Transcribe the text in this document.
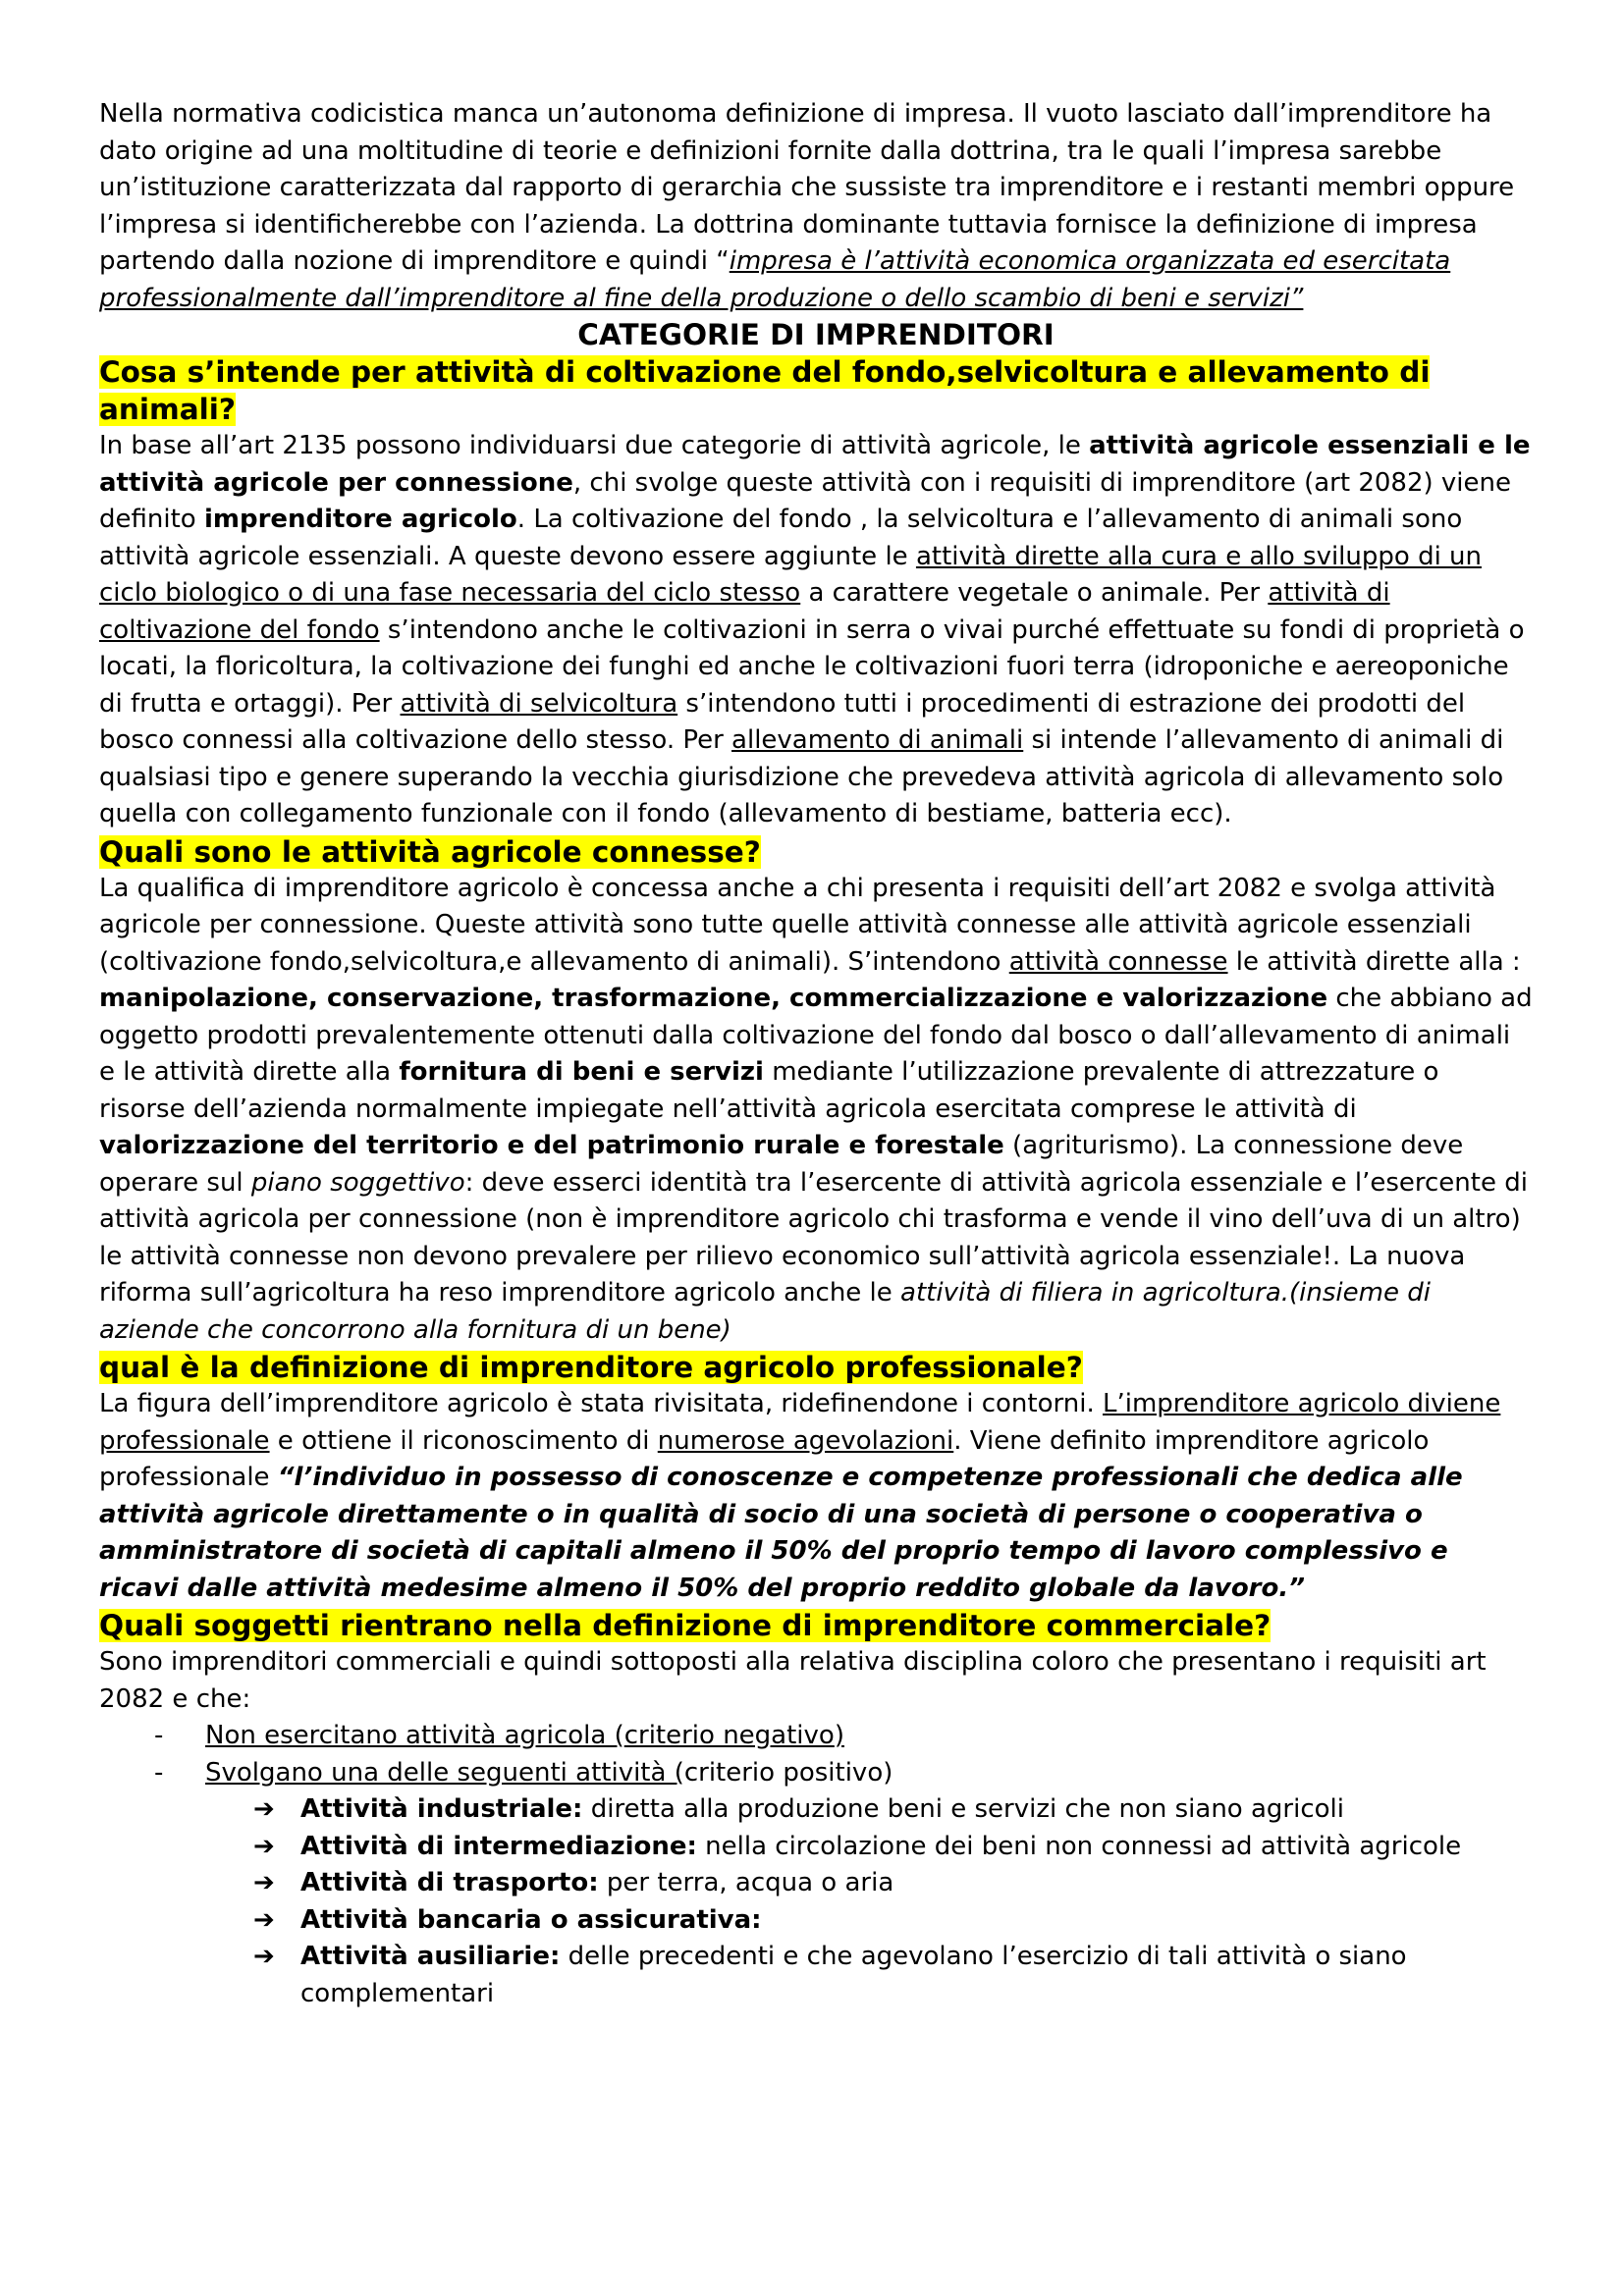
Nella normativa codicistica manca un’autonoma definizione di impresa. Il vuoto lasciato dall’imprenditore ha dato origine ad una moltitudine di teorie e definizioni fornite dalla dottrina, tra le quali l’impresa sarebbe un’istituzione caratterizzata dal rapporto di gerarchia che sussiste tra imprenditore e i restanti membri oppure l’impresa si identificherebbe con l’azienda. La dottrina dominante tuttavia fornisce la definizione di impresa partendo dalla nozione di imprenditore e quindi “impresa è l’attività economica organizzata ed esercitata professionalmente dall’imprenditore al fine della produzione o dello scambio di beni e servizi”

CATEGORIE DI IMPRENDITORI

Cosa s’intende per attività di coltivazione del fondo,selvicoltura e allevamento di animali?

In base all’art 2135 possono individuarsi due categorie di attività agricole, le attività agricole essenziali e le attività agricole per connessione, chi svolge queste attività con i requisiti di imprenditore (art 2082) viene definito imprenditore agricolo. La coltivazione del fondo , la selvicoltura e l’allevamento di animali sono attività agricole essenziali. A queste devono essere aggiunte le attività dirette alla cura e allo sviluppo di un ciclo biologico o di una fase necessaria del ciclo stesso a carattere vegetale o animale. Per attività di coltivazione del fondo s’intendono anche le coltivazioni in serra o vivai purché effettuate su fondi di proprietà o locati, la floricoltura, la coltivazione dei funghi ed anche le coltivazioni fuori terra (idroponiche e aereoponiche di frutta e ortaggi). Per attività di selvicoltura s’intendono tutti i procedimenti di estrazione dei prodotti del bosco connessi alla coltivazione dello stesso. Per allevamento di animali si intende l’allevamento di animali di qualsiasi tipo e genere superando la vecchia giurisdizione che prevedeva attività agricola di allevamento solo quella con collegamento funzionale con il fondo (allevamento di bestiame, batteria ecc).

Quali sono le attività agricole connesse?

La qualifica di imprenditore agricolo è concessa anche a chi presenta i requisiti dell’art 2082 e svolga attività agricole per connessione. Queste attività sono tutte quelle attività connesse alle attività agricole essenziali (coltivazione fondo,selvicoltura,e allevamento di animali). S’intendono attività connesse le attività dirette alla : manipolazione, conservazione, trasformazione, commercializzazione e valorizzazione che abbiano ad oggetto prodotti prevalentemente ottenuti dalla coltivazione del fondo dal bosco o dall’allevamento di animali e le attività dirette alla fornitura di beni e servizi mediante l’utilizzazione prevalente di attrezzature o risorse dell’azienda normalmente impiegate nell’attività agricola esercitata comprese le attività di valorizzazione del territorio e del patrimonio rurale e forestale (agriturismo). La connessione deve operare sul piano soggettivo: deve esserci identità tra l’esercente di attività agricola essenziale e l’esercente di attività agricola per connessione (non è imprenditore agricolo chi trasforma e vende il vino dell’uva di un altro) le attività connesse non devono prevalere per rilievo economico sull’attività agricola essenziale!. La nuova riforma sull’agricoltura ha reso imprenditore agricolo anche le attività di filiera in agricoltura.(insieme di aziende che concorrono alla fornitura di un bene)

qual è la definizione di imprenditore agricolo professionale?

La figura dell’imprenditore agricolo è stata rivisitata, ridefinendone i contorni. L’imprenditore agricolo diviene professionale e ottiene il riconoscimento di numerose agevolazioni. Viene definito imprenditore agricolo professionale “l’individuo in possesso di conoscenze e competenze professionali che dedica alle attività agricole direttamente o in qualità di socio di una società di persone o cooperativa o amministratore di società di capitali almeno il 50% del proprio tempo di lavoro complessivo e ricavi dalle attività medesime almeno il 50% del proprio reddito globale da lavoro.”

Quali soggetti rientrano nella definizione di imprenditore commerciale?

Sono imprenditori commerciali e quindi sottoposti alla relativa disciplina coloro che presentano i requisiti art 2082 e che:

- Non esercitano attività agricola (criterio negativo)
- Svolgano una delle seguenti attività (criterio positivo)
➔ Attività industriale: diretta alla produzione beni e servizi che non siano agricoli
➔ Attività di intermediazione: nella circolazione dei beni non connessi ad attività agricole
➔ Attività di trasporto: per terra, acqua o aria
➔ Attività bancaria o assicurativa:
➔ Attività ausiliarie: delle precedenti e che agevolano l’esercizio di tali attività o siano complementari
